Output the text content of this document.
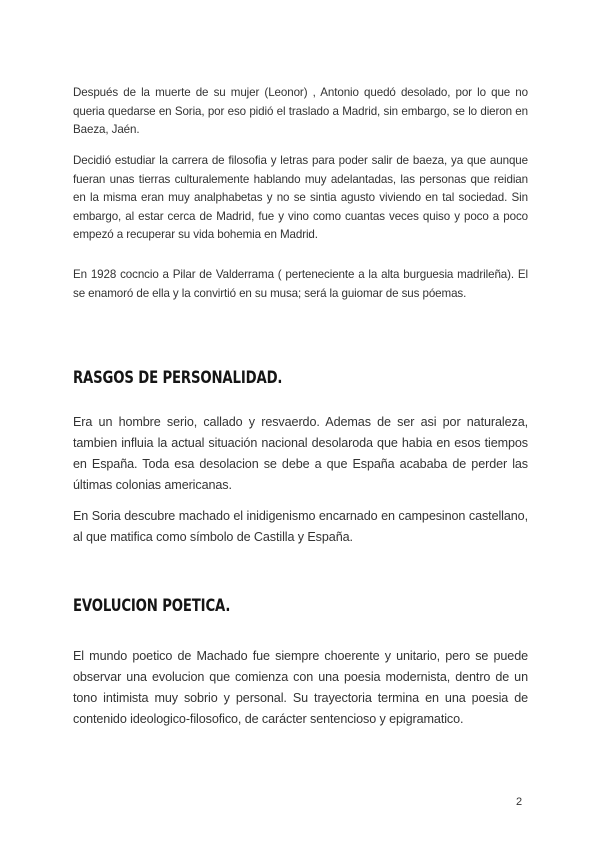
Después de la muerte de su mujer (Leonor) , Antonio quedó desolado, por lo que no queria quedarse en Soria, por eso pidió el traslado a Madrid, sin embargo, se lo dieron en Baeza, Jaén.

Decidió estudiar la carrera de filosofia y letras para poder salir de baeza, ya que aunque fueran unas tierras culturalemente hablando muy adelantadas, las personas que reidian en la misma eran muy analphabetas y no se sintia agusto viviendo en tal sociedad. Sin embargo, al estar cerca de Madrid, fue y vino como cuantas veces quiso y poco a poco empezó a recuperar su vida bohemia en Madrid.

En 1928 cocncio a Pilar de Valderrama ( perteneciente a la alta burguesia madrileña). El se enamoró de ella y la convirtió en su musa; será la guiomar de sus póemas.

RASGOS DE PERSONALIDAD.

Era un hombre serio, callado y resvaerdo. Ademas de ser asi por naturaleza, tambien influia la actual situación nacional desolaroda que habia en esos tiempos en España. Toda esa desolacion se debe a que España acababa de perder las últimas colonias americanas.

En Soria descubre machado el inidigenismo encarnado en campesinon castellano, al que matifica como símbolo de Castilla y España.

EVOLUCION POETICA.

El mundo poetico de Machado fue siempre choerente y unitario, pero se puede observar una evolucion que comienza con una poesia modernista, dentro de un tono intimista muy sobrio y personal. Su trayectoria termina en una poesia de contenido ideologico-filosofico, de carácter sentencioso y epigramatico.

2
